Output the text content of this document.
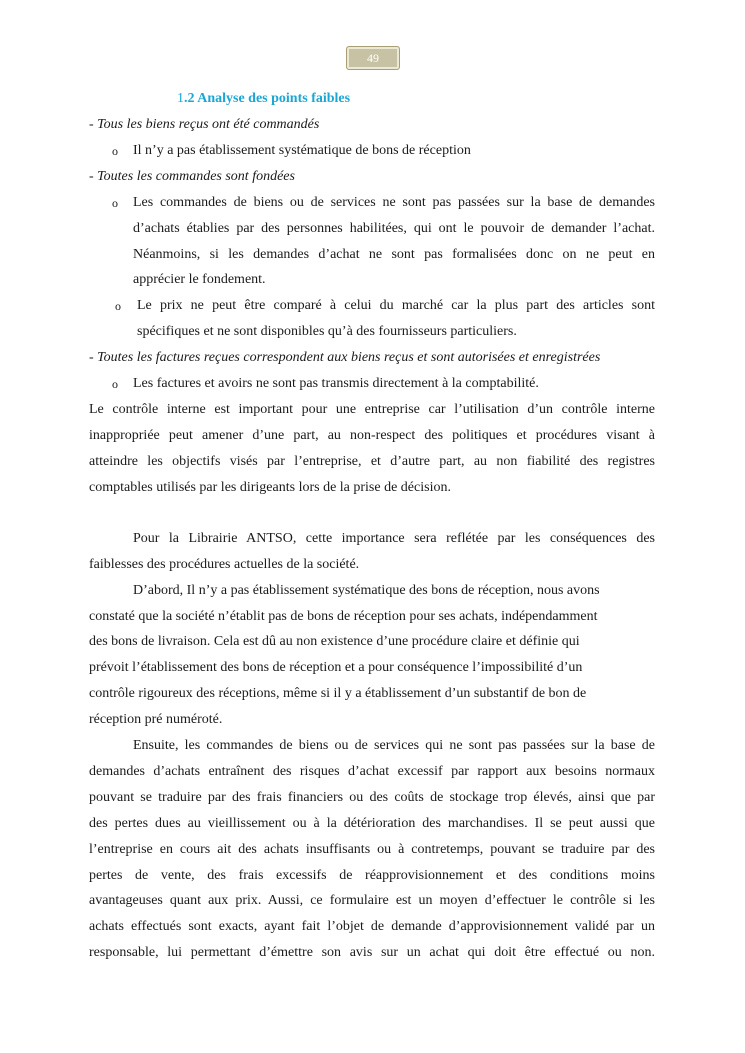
49
1.2 Analyse des points faibles
- Tous les biens reçus ont été commandés
o Il n’y a pas établissement systématique de bons de réception
- Toutes les commandes sont fondées
o Les commandes de biens ou de services ne sont pas passées sur la base de demandes
d’achats établies par des personnes habilitées, qui ont le pouvoir de demander l’achat.
Néanmoins, si les demandes d’achat ne sont pas formalisées donc on ne peut en
apprécier le fondement.
o Le prix ne peut être comparé à celui du marché car la plus part des articles sont
spécifiques et ne sont disponibles qu’à des fournisseurs particuliers.
- Toutes les factures reçues correspondent aux biens reçus et sont autorisées et enregistrées
o Les factures et avoirs ne sont pas transmis directement à la comptabilité.
Le contrôle interne est important pour une entreprise car l’utilisation d’un contrôle interne
inappropriée peut amener d’une part, au non-respect des politiques et procédures visant à
atteindre les objectifs visés par l’entreprise, et d’autre part, au non fiabilité des registres
comptables utilisés par les dirigeants lors de la prise de décision.
Pour la Librairie ANTSO, cette importance sera reflétée par les conséquences des
faiblesses des procédures actuelles de la société.
D’abord, Il n’y a pas établissement systématique des bons de réception, nous avons
constaté que la société n’établit pas de bons de réception pour ses achats, indépendamment
des bons de livraison. Cela est dû au non existence d’une procédure claire et définie qui
prévoit l’établissement des bons de réception et a pour conséquence l’impossibilité d’un
contrôle rigoureux des réceptions, même si il y a établissement d’un substantif de bon de
réception pré numéroté.
Ensuite, les commandes de biens ou de services qui ne sont pas passées sur la base de
demandes d’achats entraînent des risques d’achat excessif par rapport aux besoins normaux
pouvant se traduire par des frais financiers ou des coûts de stockage trop élevés, ainsi que par
des pertes dues au vieillissement ou à la détérioration des marchandises. Il se peut aussi que
l’entreprise en cours ait des achats insuffisants ou à contretemps, pouvant se traduire par des
pertes de vente, des frais excessifs de réapprovisionnement et des conditions moins
avantageuses quant aux prix. Aussi, ce formulaire est un moyen d’effectuer le contrôle si les
achats effectués sont exacts, ayant fait l’objet de demande d’approvisionnement validé par un
responsable, lui permettant d’émettre son avis sur un achat qui doit être effectué ou non.
